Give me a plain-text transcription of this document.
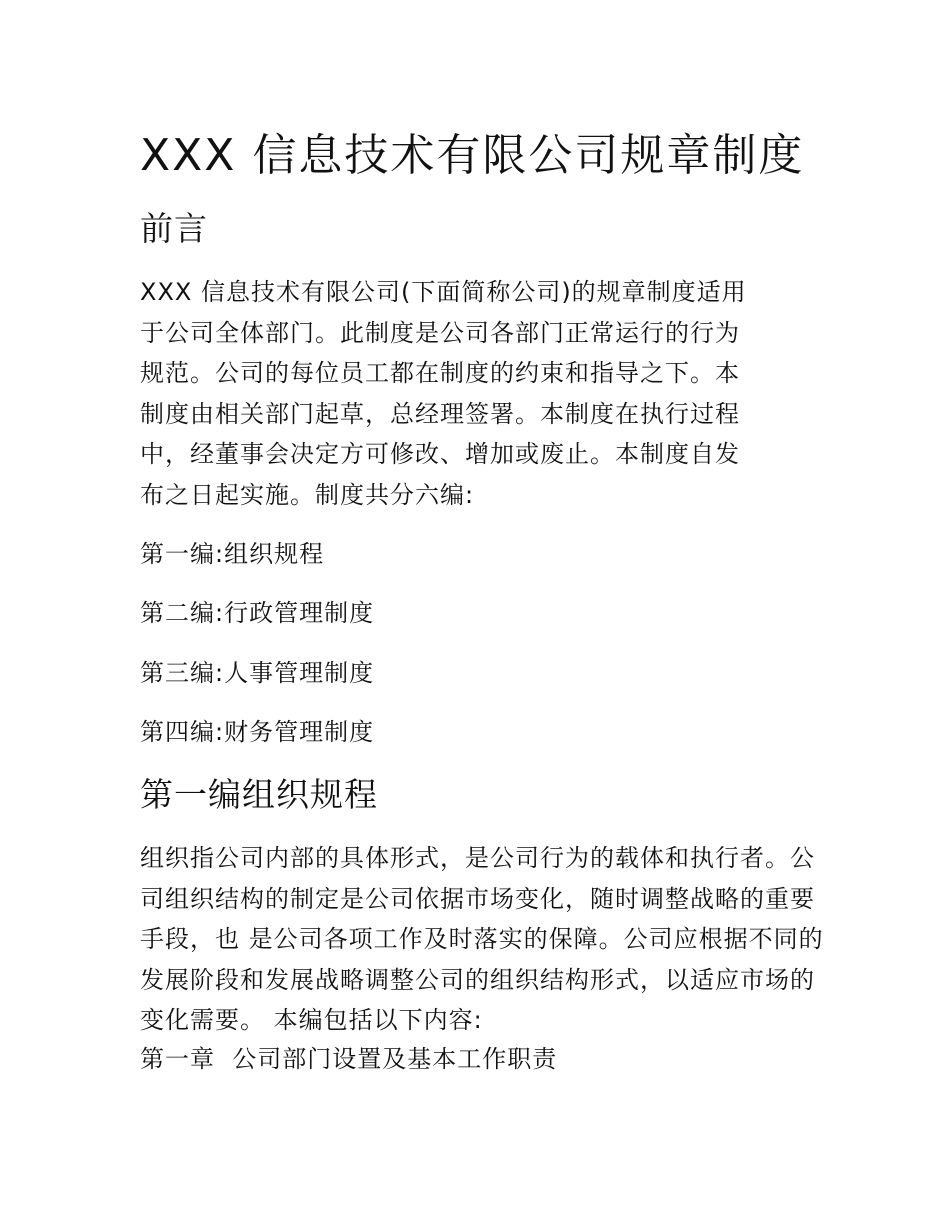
XXX 信息技术有限公司规章制度
前言
XXX 信息技术有限公司(下面简称公司)的规章制度适用
于公司全体部门。此制度是公司各部门正常运行的行为
规范。公司的每位员工都在制度的约束和指导之下。本
制度由相关部门起草，总经理签署。本制度在执行过程
中，经董事会决定方可修改、增加或废止。本制度自发
布之日起实施。制度共分六编:

第一编:组织规程

第二编:行政管理制度

第三编:人事管理制度

第四编:财务管理制度

第一编组织规程
组织指公司内部的具体形式，是公司行为的载体和执行者。公
司组织结构的制定是公司依据市场变化，随时调整战略的重要
手段，也 是公司各项工作及时落实的保障。公司应根据不同的
发展阶段和发展战略调整公司的组织结构形式，以适应市场的
变化需要。 本编包括以下内容:

第一章  公司部门设置及基本工作职责
